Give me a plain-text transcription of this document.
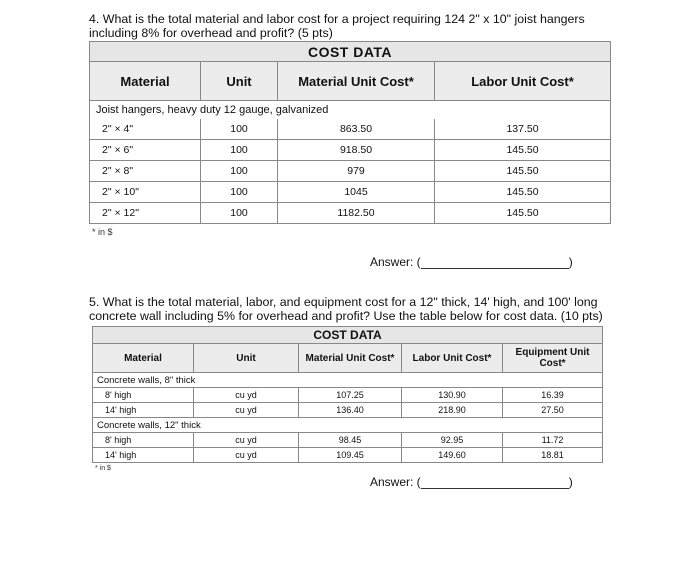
4. What is the total material and labor cost for a project requiring 124 2" x 10" joist hangers including 8% for overhead and profit? (5 pts)
COST DATA			
Material	Unit	Material Unit Cost*	Labor Unit Cost*
Joist hangers, heavy duty 12 gauge, galvanized			
2" × 4"	100	863.50	137.50
2" × 6"	100	918.50	145.50
2" × 8"	100	979	145.50
2" × 10"	100	1045	145.50
2" × 12"	100	1182.50	145.50
* in $
Answer: (	)
5. What is the total material, labor, and equipment cost for a 12" thick, 14' high, and 100' long concrete wall including 5% for overhead and profit? Use the table below for cost data. (10 pts)
COST DATA				
Material	Unit	Material Unit Cost*	Labor Unit Cost*	Equipment Unit Cost*
Concrete walls, 8" thick				
8' high	cu yd	107.25	130.90	16.39
14' high	cu yd	136.40	218.90	27.50
Concrete walls, 12" thick				
8' high	cu yd	98.45	92.95	11.72
14' high	cu yd	109.45	149.60	18.81
* in $
Answer: (	)
